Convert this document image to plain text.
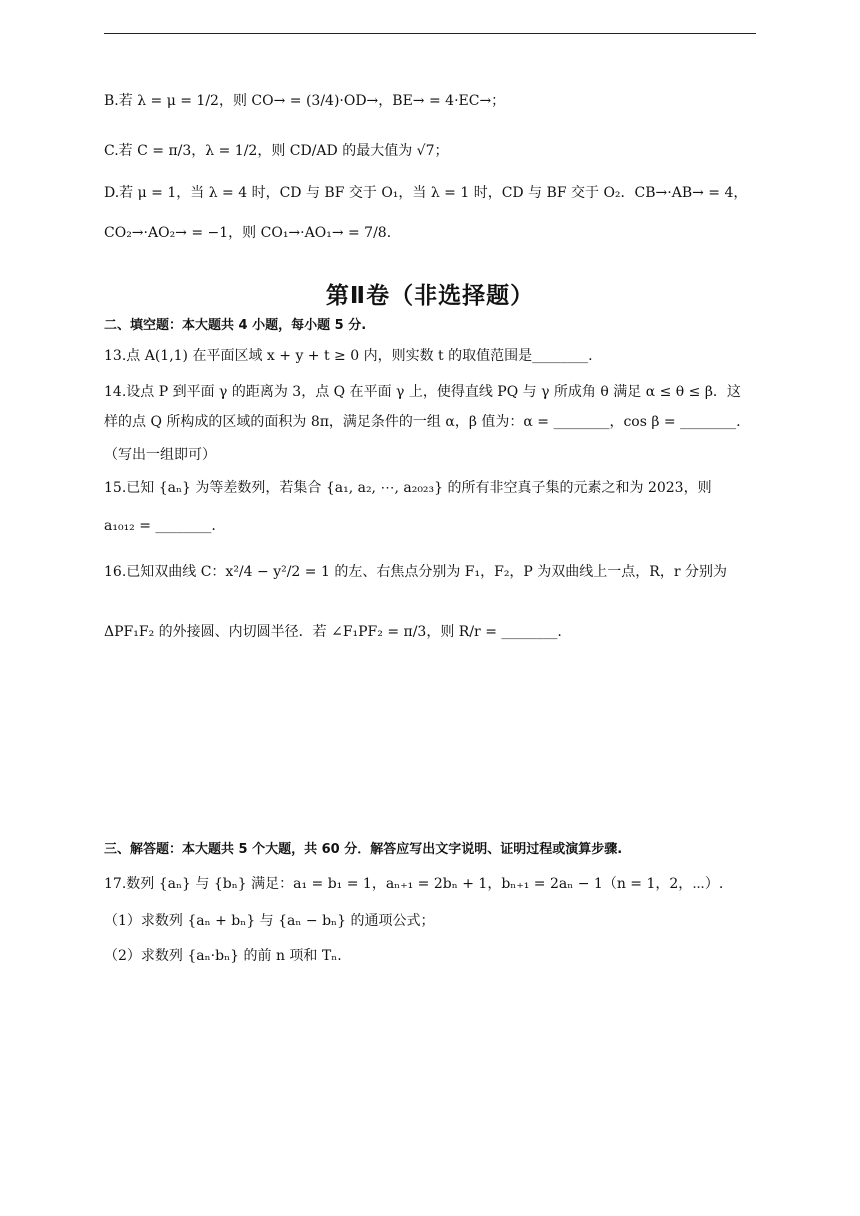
B.若 λ = μ = 1/2，则 CO→ = (3/4)·OD→，BE→ = 4·EC→；
C.若 C = π/3，λ = 1/2，则 CD/AD 的最大值为 √7；
D.若 μ = 1，当 λ = 4 时，CD 与 BF 交于 O₁，当 λ = 1 时，CD 与 BF 交于 O₂．CB→·AB→ = 4，
CO₂→·AO₂→ = −1，则 CO₁→·AO₁→ = 7/8．
第Ⅱ卷（非选择题）
二、填空题：本大题共 4 小题，每小题 5 分.
13.点 A(1,1) 在平面区域 x + y + t ≥ 0 内，则实数 t 的取值范围是________.
14.设点 P 到平面 γ 的距离为 3，点 Q 在平面 γ 上，使得直线 PQ 与 γ 所成角 θ 满足 α ≤ θ ≤ β．这
样的点 Q 所构成的区域的面积为 8π，满足条件的一组 α，β 值为：α = ________，cos β = ________.
（写出一组即可）
15.已知 {aₙ} 为等差数列，若集合 {a₁, a₂, ⋯, a₂₀₂₃} 的所有非空真子集的元素之和为 2023，则
a₁₀₁₂ = ________.
16.已知双曲线 C：x²/4 − y²/2 = 1 的左、右焦点分别为 F₁，F₂，P 为双曲线上一点，R，r 分别为
ΔPF₁F₂ 的外接圆、内切圆半径．若 ∠F₁PF₂ = π/3，则 R/r = ________.
三、解答题：本大题共 5 个大题，共 60 分．解答应写出文字说明、证明过程或演算步骤.
17.数列 {aₙ} 与 {bₙ} 满足：a₁ = b₁ = 1，aₙ₊₁ = 2bₙ + 1，bₙ₊₁ = 2aₙ − 1（n = 1，2，⋯）.
（1）求数列 {aₙ + bₙ} 与 {aₙ − bₙ} 的通项公式；
（2）求数列 {aₙ·bₙ} 的前 n 项和 Tₙ.
